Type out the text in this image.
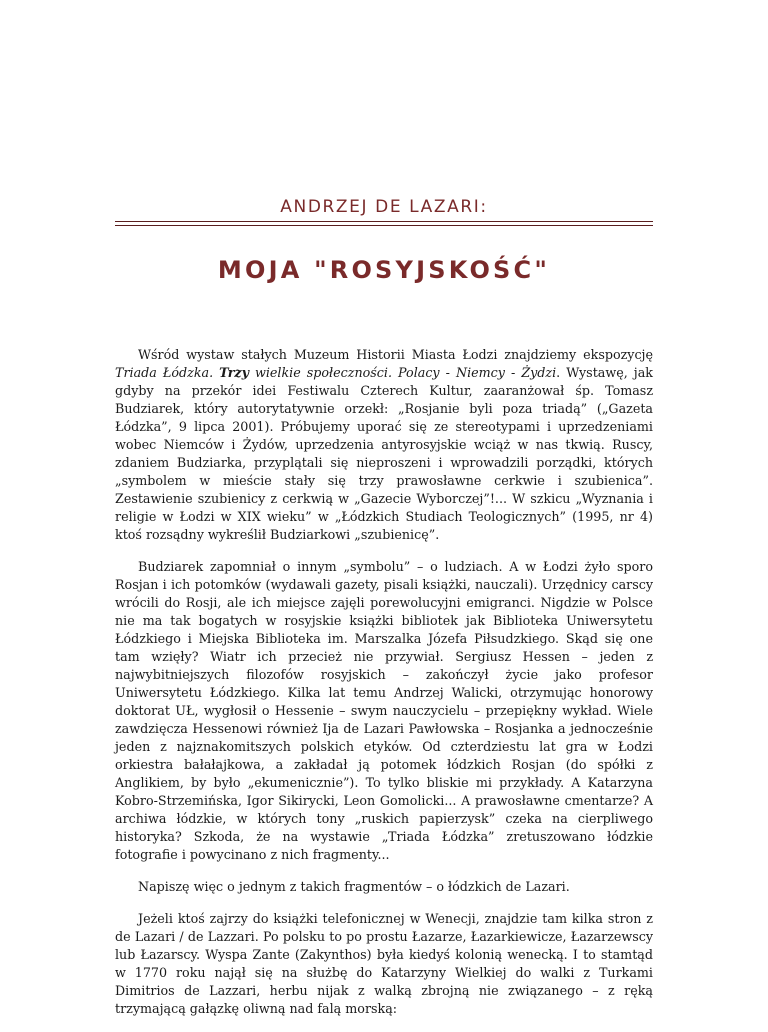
ANDRZEJ DE LAZARI:
MOJA "ROSYJSKOŚĆ"

Wśród wystaw stałych Muzeum Historii Miasta Łodzi znajdziemy ekspozycję Triada Łódzka. Trzy wielkie społeczności. Polacy - Niemcy - Żydzi. Wystawę, jak gdyby na przekór idei Festiwalu Czterech Kultur, zaaranżował śp. Tomasz Budziarek, który autorytatywnie orzekł: „Rosjanie byli poza triadą” („Gazeta Łódzka”, 9 lipca 2001). Próbujemy uporać się ze stereotypami i uprzedzeniami wobec Niemców i Żydów, uprzedzenia antyrosyjskie wciąż w nas tkwią. Ruscy, zdaniem Budziarka, przyplątali się nieproszeni i wprowadzili porządki, których „symbolem w mieście stały się trzy prawosławne cerkwie i szubienica”. Zestawienie szubienicy z cerkwią w „Gazecie Wyborczej”!... W szkicu „Wyznania i religie w Łodzi w XIX wieku” w „Łódzkich Studiach Teologicznych” (1995, nr 4) ktoś rozsądny wykreślił Budziarkowi „szubienicę”.

Budziarek zapomniał o innym „symbolu” – o ludziach. A w Łodzi żyło sporo Rosjan i ich potomków (wydawali gazety, pisali książki, nauczali). Urzędnicy carscy wrócili do Rosji, ale ich miejsce zajęli porewolucyjni emigranci. Nigdzie w Polsce nie ma tak bogatych w rosyjskie książki bibliotek jak Biblioteka Uniwersytetu Łódzkiego i Miejska Biblioteka im. Marszalka Józefa Piłsudzkiego. Skąd się one tam wzięły? Wiatr ich przecież nie przywiał. Sergiusz Hessen – jeden z najwybitniejszych filozofów rosyjskich – zakończył życie jako profesor Uniwersytetu Łódzkiego. Kilka lat temu Andrzej Walicki, otrzymując honorowy doktorat UŁ, wygłosił o Hessenie – swym nauczycielu – przepiękny wykład. Wiele zawdzięcza Hessenowi również Ija de Lazari Pawłowska – Rosjanka a jednocześnie jeden z najznakomitszych polskich etyków. Od czterdziestu lat gra w Łodzi orkiestra bałałajkowa, a zakładał ją potomek łódzkich Rosjan (do spółki z Anglikiem, by było „ekumenicznie”). To tylko bliskie mi przykłady. A Katarzyna Kobro-Strzemińska, Igor Sikirycki, Leon Gomolicki... A prawosławne cmentarze? A archiwa łódzkie, w których tony „ruskich papierzysk” czeka na cierpliwego historyka? Szkoda, że na wystawie „Triada Łódzka” zretuszowano łódzkie fotografie i powycinano z nich fragmenty...

Napiszę więc o jednym z takich fragmentów – o łódzkich de Lazari.

Jeżeli ktoś zajrzy do książki telefonicznej w Wenecji, znajdzie tam kilka stron z de Lazari / de Lazzari. Po polsku to po prostu Łazarze, Łazarkiewicze, Łazarzewscy lub Łazarscy. Wyspa Zante (Zakynthos) była kiedyś kolonią wenecką. I to stamtąd w 1770 roku najął się na służbę do Katarzyny Wielkiej do walki z Turkami Dimitrios de Lazzari, herbu nijak z walką zbrojną nie związanego – z ręką trzymającą gałązkę oliwną nad falą morską:
